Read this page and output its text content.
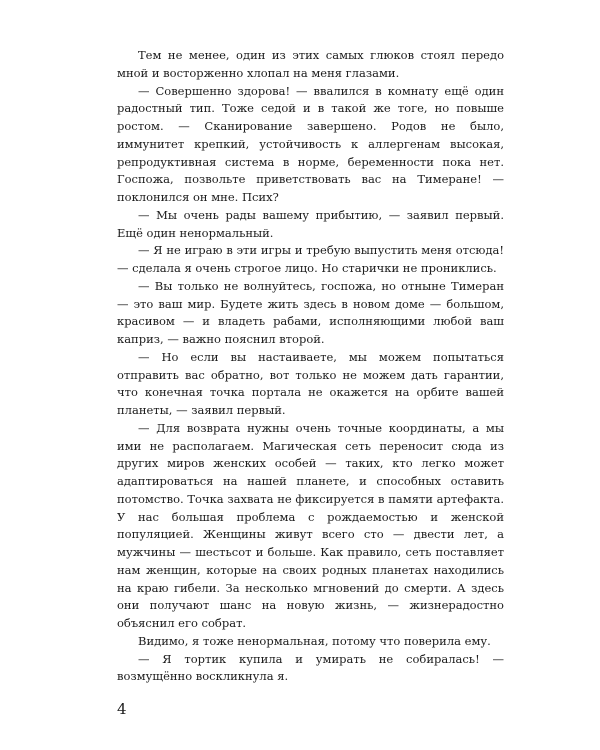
Тем не менее, один из этих самых глюков стоял передо мной и восторженно хлопал на меня глазами.

— Совершенно здорова! — ввалился в комнату ещё один радостный тип. Тоже седой и в такой же тоге, но повыше ростом. — Сканирование завершено. Родов не было, иммунитет крепкий, устойчивость к аллергенам высокая, репродуктивная система в норме, беременности пока нет. Госпожа, позвольте приветствовать вас на Тимеране! — поклонился он мне. Псих?

— Мы очень рады вашему прибытию, — заявил первый. Ещё один ненормальный.

— Я не играю в эти игры и требую выпустить меня отсюда! — сделала я очень строгое лицо. Но старички не прониклись.

— Вы только не волнуйтесь, госпожа, но отныне Тимеран — это ваш мир. Будете жить здесь в новом доме — большом, красивом — и владеть рабами, исполняющими любой ваш каприз, — важно пояснил второй.

— Но если вы настаиваете, мы можем попытаться отправить вас обратно, вот только не можем дать гарантии, что конечная точка портала не окажется на орбите вашей планеты, — заявил первый.

— Для возврата нужны очень точные координаты, а мы ими не располагаем. Магическая сеть переносит сюда из других миров женских особей — таких, кто легко может адаптироваться на нашей планете, и способных оставить потомство. Точка захвата не фиксируется в памяти артефакта. У нас большая проблема с рождаемостью и женской популяцией. Женщины живут всего сто — двести лет, а мужчины — шестьсот и больше. Как правило, сеть поставляет нам женщин, которые на своих родных планетах находились на краю гибели. За несколько мгновений до смерти. А здесь они получают шанс на новую жизнь, — жизнерадостно объяснил его собрат.

Видимо, я тоже ненормальная, потому что поверила ему.

— Я тортик купила и умирать не собиралась! — возмущённо воскликнула я.

4
